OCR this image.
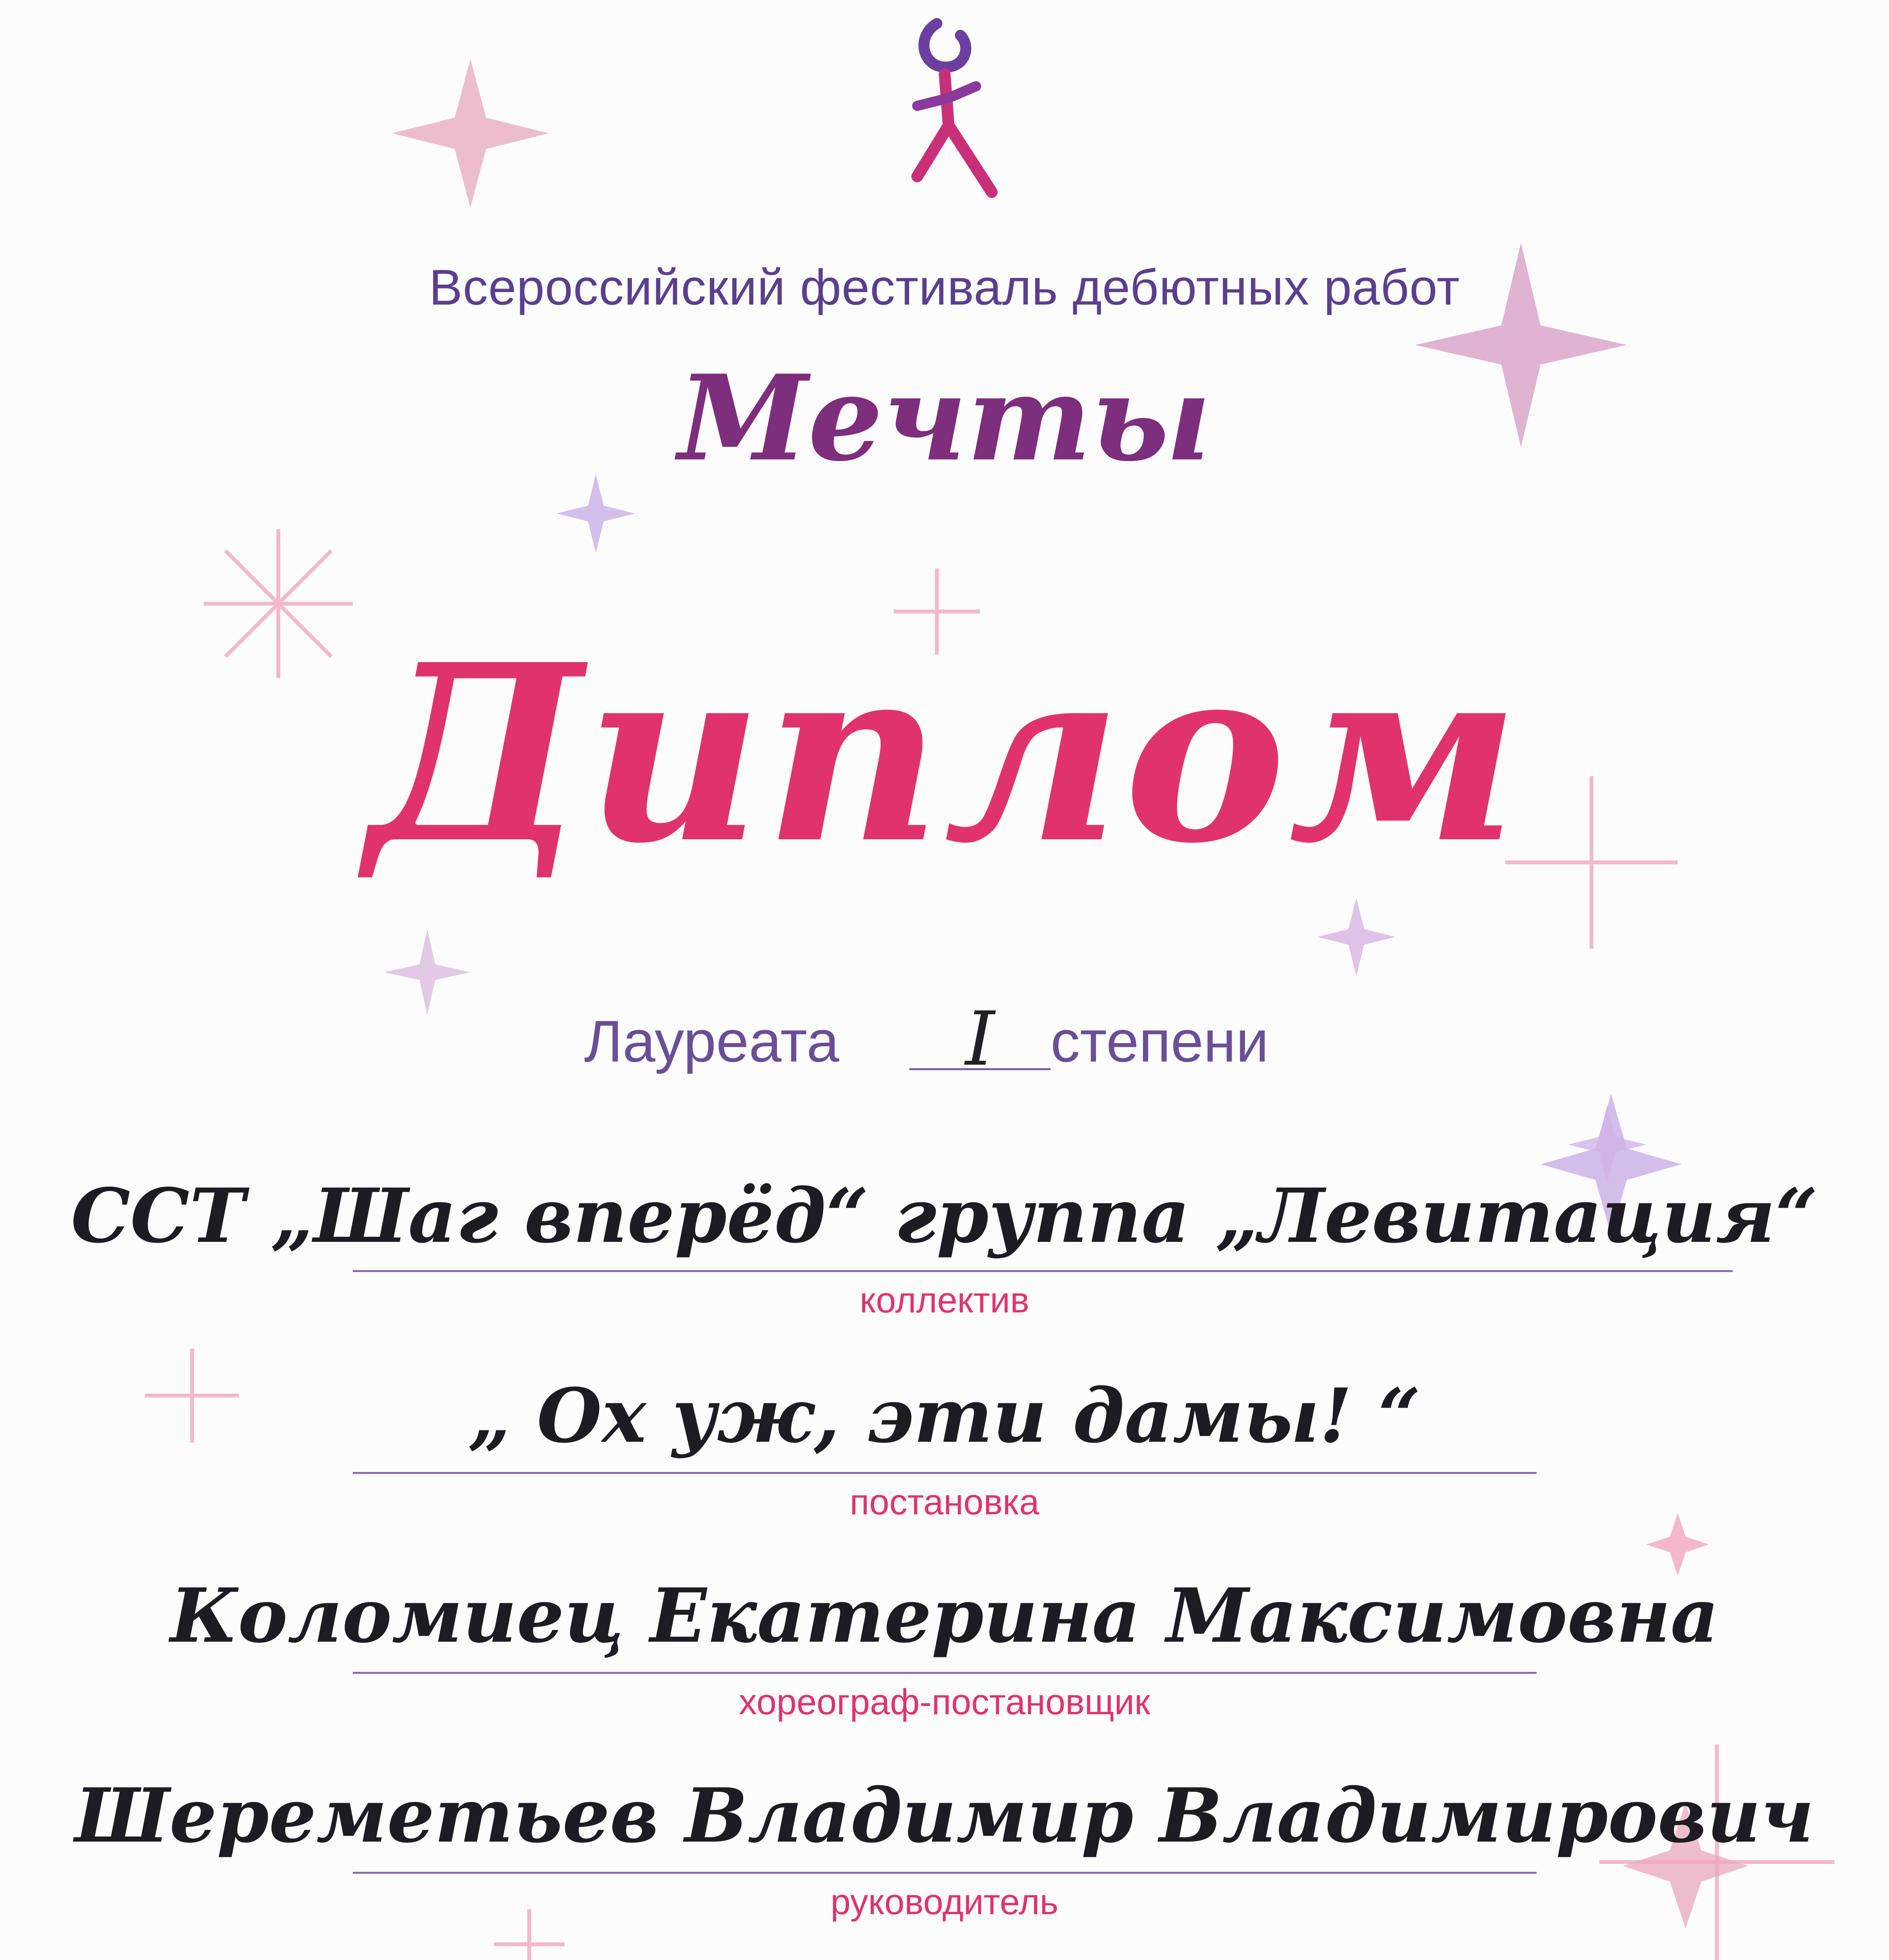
Всероссийский фестиваль дебютных работ
Мечты
Диплом
Лауреата	I степени
ССТ „Шаг вперёд“ группа „Левитация“
коллектив
„ Ох уж, эти дамы! “
постановка
Коломиец Екатерина Максимовна
хореограф-постановщик
Шереметьев Владимир Владимирович
руководитель
